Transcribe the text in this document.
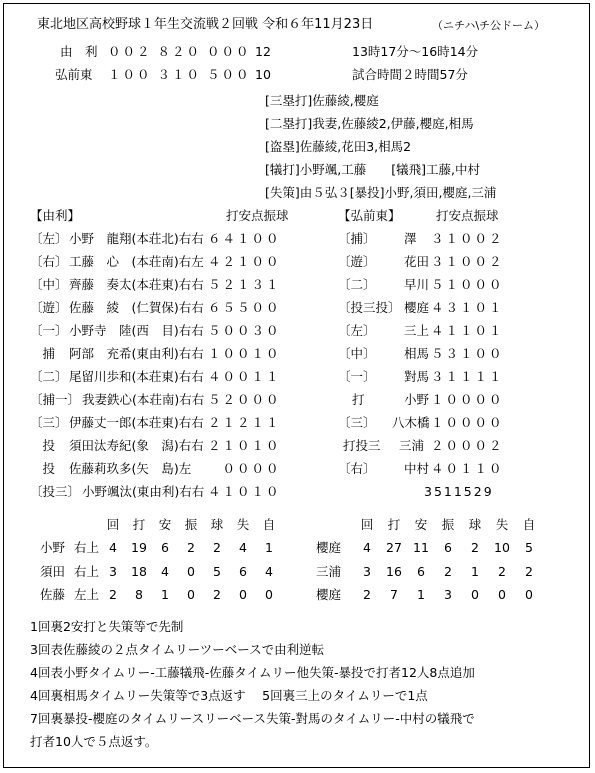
東北地区高校野球１年生交流戦２回戦 令和６年11月23日	（ニチハ\チ公ドーム）
由　利 ００２ ８２０ ０００ 12	13時17分～16時14分
弘前東 １００ ３１０ ５００ 10	試合時間２時間57分
[三塁打]佐藤綾,櫻庭
[二塁打]我妻,佐藤綾2,伊藤,櫻庭,相馬
[盗塁]佐藤綾,花田3,相馬2
[犠打]小野颯,工藤　　[犠飛]工藤,中村
[失策]由５弘３[暴投]小野,須田,櫻庭,三浦
【由利】	打安点振球	【弘前東】	打安点振球
〔左〕 小野　龍翔(本荘北)右右 ６４１００
〔右〕 工藤　心　(本荘南)右左 ４２１００
〔中〕 齊藤　奏太(本荘東)右右 ５２１３１
〔遊〕 佐藤　綾　(仁賀保)右右 ６５５００
〔一〕 小野寺　陸(西　目)右右 ５００３０
　捕　 阿部　充希(東由利)右右 １００１０
〔二〕 尾留川歩和(本荘東)右右 ４００１１
〔捕一〕 我妻鉄心(本荘南)右右 ５２０００
〔三〕 伊藤丈一郎(本荘東)右右 ２１２１１
　投　 須田汰寿紀(象　潟)右右 ２１０１０
　投　 佐藤莉玖多(矢　島)左 　００００
〔投三〕 小野颯汰(東由利)右右 ４１０１０
〔捕〕 澤 ３１００２
〔遊〕 花田 ３１００２
〔二〕 早川 ５１０００
〔投三投〕 櫻庭 ４３１０１
〔左〕 三上 ４１１０１
〔中〕 相馬 ５３１００
〔一〕 對馬 ３１１１１
打	小野 １００００
〔三〕 八木橋 １００００
打投三 三浦 ２０００２
〔右〕 中村 ４０１１０
3511529
回	打	安	振	球	失	自	回	打	安	振	球	失	自
小野 右上 4	19	6	2	2	4	1
須田 右上 3	18	4	0	5	6	4
佐藤 左上 2	8	1	0	2	0	0
櫻庭	4	27 11	6	2	10	5
三浦	3	16	6	2	1	2	2
櫻庭	2	7	1	3	0	0	0
1回裏2安打と失策等で先制
3回表佐藤綾の２点タイムリーツーベースで由利逆転
4回表小野タイムリー-工藤犠飛-佐藤タイムリー他失策-暴投で打者12人8点追加
4回裏相馬タイムリー失策等で3点返す　 5回裏三上のタイムリーで1点
7回裏暴投-櫻庭のタイムリースリーベース失策-對馬のタイムリー-中村の犠飛で
打者10人で５点返す。
